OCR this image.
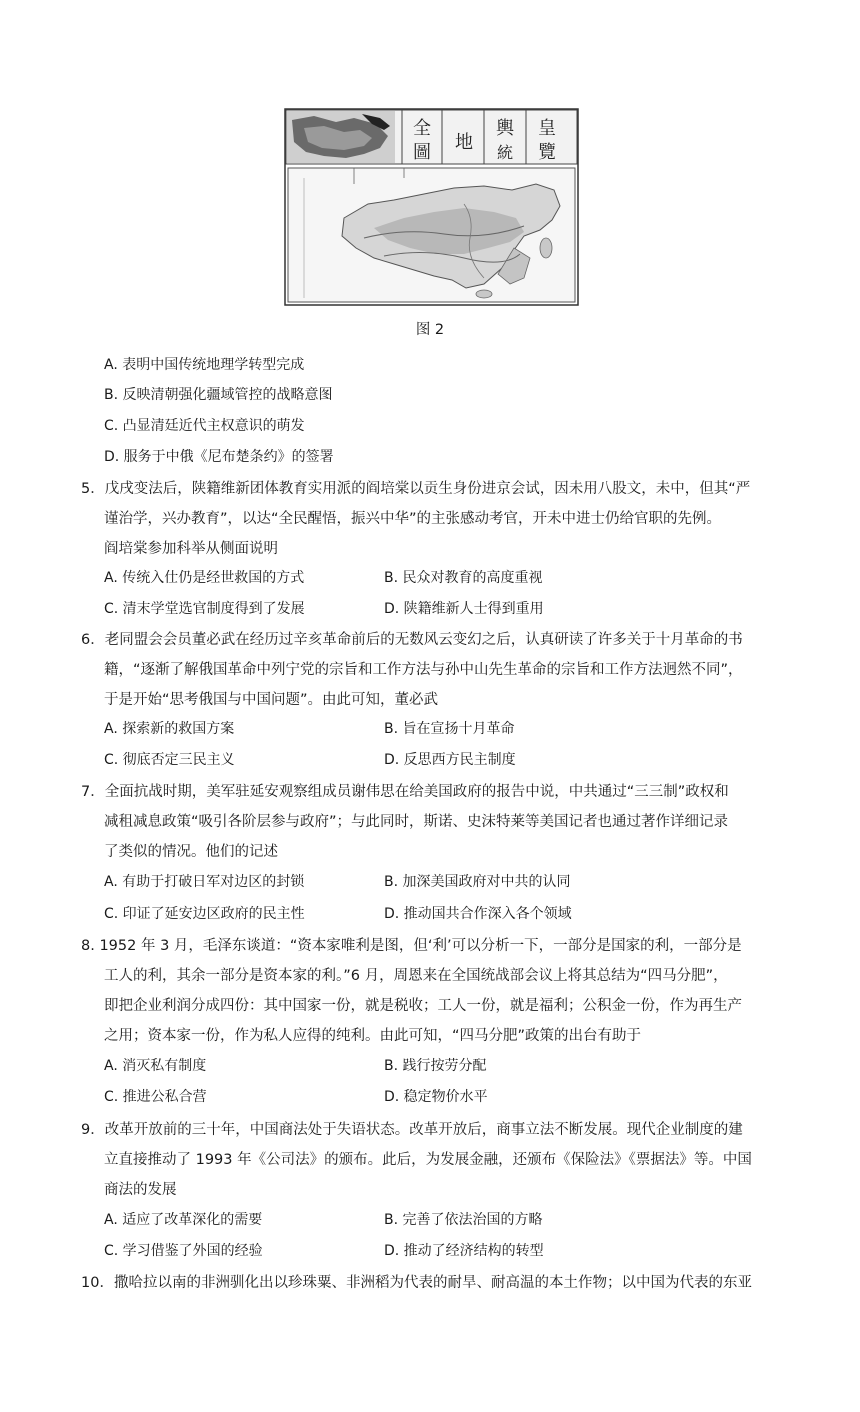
皇
輿
全
覽
圖 地 統
图 2
A. 表明中国传统地理学转型完成
B. 反映清朝强化疆域管控的战略意图
C. 凸显清廷近代主权意识的萌发
D. 服务于中俄《尼布楚条约》的签署
5．戊戌变法后，陕籍维新团体教育实用派的阎培棠以贡生身份进京会试，因未用八股文，未中，但其“严
谨治学，兴办教育”，以达“全民醒悟，振兴中华”的主张感动考官，开未中进士仍给官职的先例。
阎培棠参加科举从侧面说明
A. 传统入仕仍是经世救国的方式	B. 民众对教育的高度重视
C. 清末学堂选官制度得到了发展	D. 陕籍维新人士得到重用
6．老同盟会会员董必武在经历过辛亥革命前后的无数风云变幻之后，认真研读了许多关于十月革命的书
籍，“逐渐了解俄国革命中列宁党的宗旨和工作方法与孙中山先生革命的宗旨和工作方法迥然不同”，
于是开始“思考俄国与中国问题”。由此可知，董必武
A. 探索新的救国方案	B. 旨在宣扬十月革命
C. 彻底否定三民主义	D. 反思西方民主制度
7．全面抗战时期，美军驻延安观察组成员谢伟思在给美国政府的报告中说，中共通过“三三制”政权和
减租减息政策“吸引各阶层参与政府”；与此同时，斯诺、史沫特莱等美国记者也通过著作详细记录
了类似的情况。他们的记述
A. 有助于打破日军对边区的封锁	B. 加深美国政府对中共的认同
C. 印证了延安边区政府的民主性	D. 推动国共合作深入各个领域
8. 1952 年 3 月，毛泽东谈道：“资本家唯利是图，但‘利’可以分析一下，一部分是国家的利，一部分是
工人的利，其余一部分是资本家的利。”6 月，周恩来在全国统战部会议上将其总结为“四马分肥”，
即把企业利润分成四份：其中国家一份，就是税收；工人一份，就是福利；公积金一份，作为再生产
之用；资本家一份，作为私人应得的纯利。由此可知，“四马分肥”政策的出台有助于
A. 消灭私有制度	B. 践行按劳分配
C. 推进公私合营	D. 稳定物价水平
9．改革开放前的三十年，中国商法处于失语状态。改革开放后，商事立法不断发展。现代企业制度的建
立直接推动了 1993 年《公司法》的颁布。此后，为发展金融，还颁布《保险法》《票据法》等。中国
商法的发展
A. 适应了改革深化的需要	B. 完善了依法治国的方略
C. 学习借鉴了外国的经验	D. 推动了经济结构的转型
10．撒哈拉以南的非洲驯化出以珍珠粟、非洲稻为代表的耐旱、耐高温的本土作物；以中国为代表的东亚
